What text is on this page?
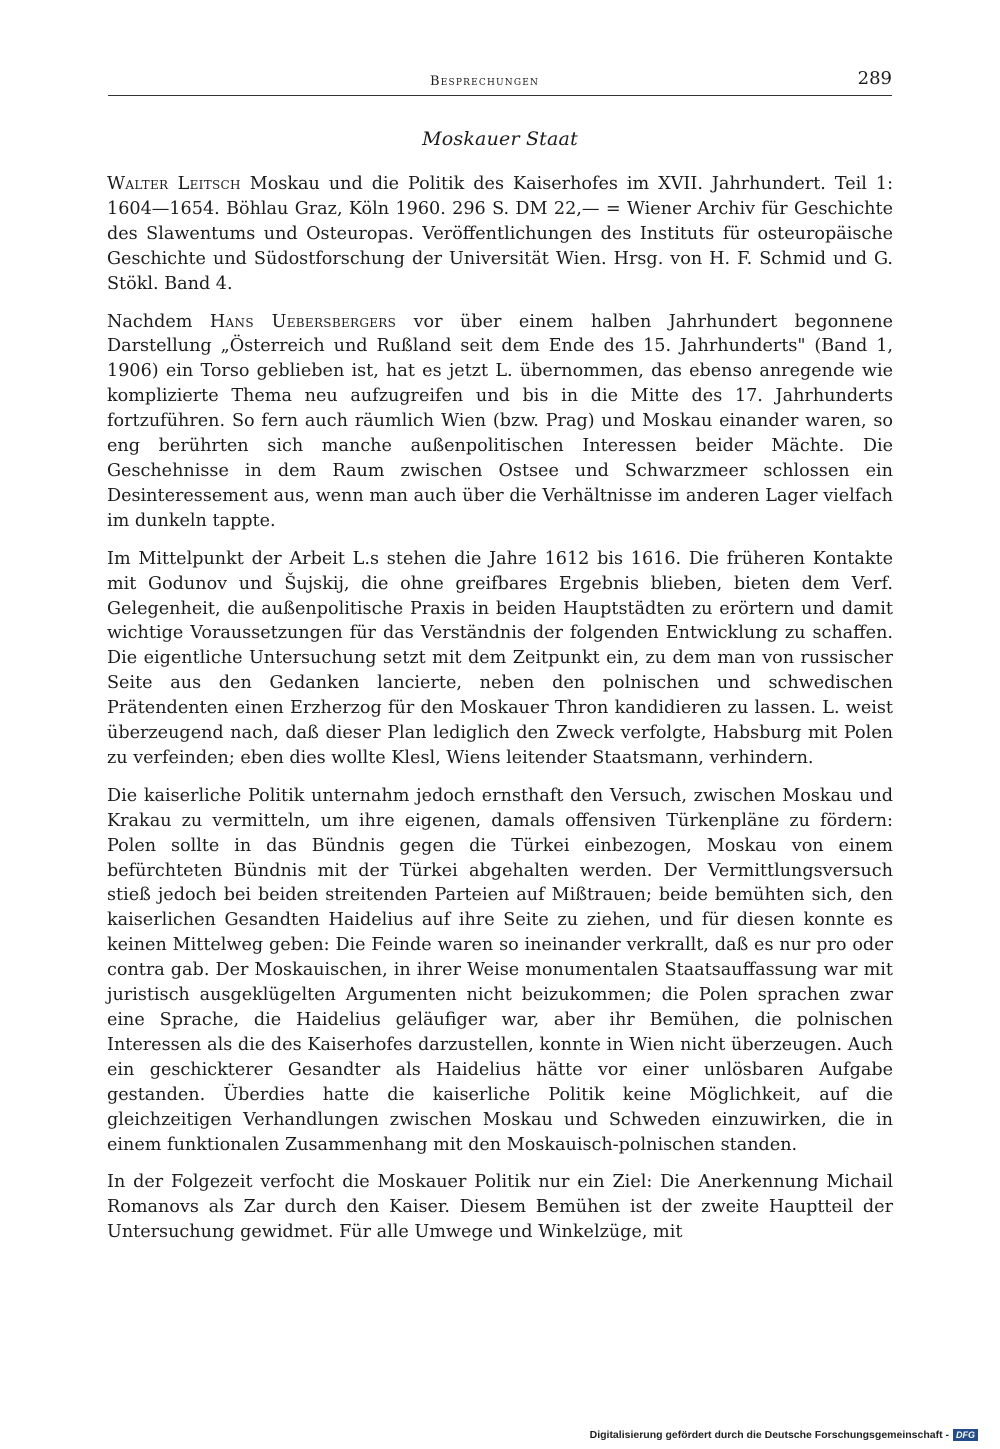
Besprechungen	289
Moskauer Staat

Walter Leitsch Moskau und die Politik des Kaiserhofes im XVII. Jahrhundert. Teil 1: 1604—1654. Böhlau Graz, Köln 1960. 296 S. DM 22,— = Wiener Archiv für Geschichte des Slawentums und Osteuropas. Veröffentlichungen des Instituts für osteuropäische Geschichte und Südostforschung der Universität Wien. Hrsg. von H. F. Schmid und G. Stökl. Band 4.

Nachdem Hans Uebersbergers vor über einem halben Jahrhundert begonnene Darstellung „Österreich und Rußland seit dem Ende des 15. Jahrhunderts" (Band 1, 1906) ein Torso geblieben ist, hat es jetzt L. übernommen, das ebenso anregende wie komplizierte Thema neu aufzugreifen und bis in die Mitte des 17. Jahrhunderts fortzuführen. So fern auch räumlich Wien (bzw. Prag) und Moskau einander waren, so eng berührten sich manche außenpolitischen Interessen beider Mächte. Die Geschehnisse in dem Raum zwischen Ostsee und Schwarzmeer schlossen ein Desinteressement aus, wenn man auch über die Verhältnisse im anderen Lager vielfach im dunkeln tappte.

Im Mittelpunkt der Arbeit L.s stehen die Jahre 1612 bis 1616. Die früheren Kontakte mit Godunov und Šujskij, die ohne greifbares Ergebnis blieben, bieten dem Verf. Gelegenheit, die außenpolitische Praxis in beiden Hauptstädten zu erörtern und damit wichtige Voraussetzungen für das Verständnis der folgenden Entwicklung zu schaffen. Die eigentliche Untersuchung setzt mit dem Zeitpunkt ein, zu dem man von russischer Seite aus den Gedanken lancierte, neben den polnischen und schwedischen Prätendenten einen Erzherzog für den Moskauer Thron kandidieren zu lassen. L. weist überzeugend nach, daß dieser Plan lediglich den Zweck verfolgte, Habsburg mit Polen zu verfeinden; eben dies wollte Klesl, Wiens leitender Staatsmann, verhindern.

Die kaiserliche Politik unternahm jedoch ernsthaft den Versuch, zwischen Moskau und Krakau zu vermitteln, um ihre eigenen, damals offensiven Türkenpläne zu fördern: Polen sollte in das Bündnis gegen die Türkei einbezogen, Moskau von einem befürchteten Bündnis mit der Türkei abgehalten werden. Der Vermittlungsversuch stieß jedoch bei beiden streitenden Parteien auf Mißtrauen; beide bemühten sich, den kaiserlichen Gesandten Haidelius auf ihre Seite zu ziehen, und für diesen konnte es keinen Mittelweg geben: Die Feinde waren so ineinander verkrallt, daß es nur pro oder contra gab. Der Moskauischen, in ihrer Weise monumentalen Staatsauffassung war mit juristisch ausgeklügelten Argumenten nicht beizukommen; die Polen sprachen zwar eine Sprache, die Haidelius geläufiger war, aber ihr Bemühen, die polnischen Interessen als die des Kaiserhofes darzustellen, konnte in Wien nicht überzeugen. Auch ein geschickterer Gesandter als Haidelius hätte vor einer unlösbaren Aufgabe gestanden. Überdies hatte die kaiserliche Politik keine Möglichkeit, auf die gleichzeitigen Verhandlungen zwischen Moskau und Schweden einzuwirken, die in einem funktionalen Zusammenhang mit den Moskauisch-polnischen standen.

In der Folgezeit verfocht die Moskauer Politik nur ein Ziel: Die Anerkennung Michail Romanovs als Zar durch den Kaiser. Diesem Bemühen ist der zweite Hauptteil der Untersuchung gewidmet. Für alle Umwege und Winkelzüge, mit

Digitalisierung gefördert durch die Deutsche Forschungsgemeinschaft - DFG
